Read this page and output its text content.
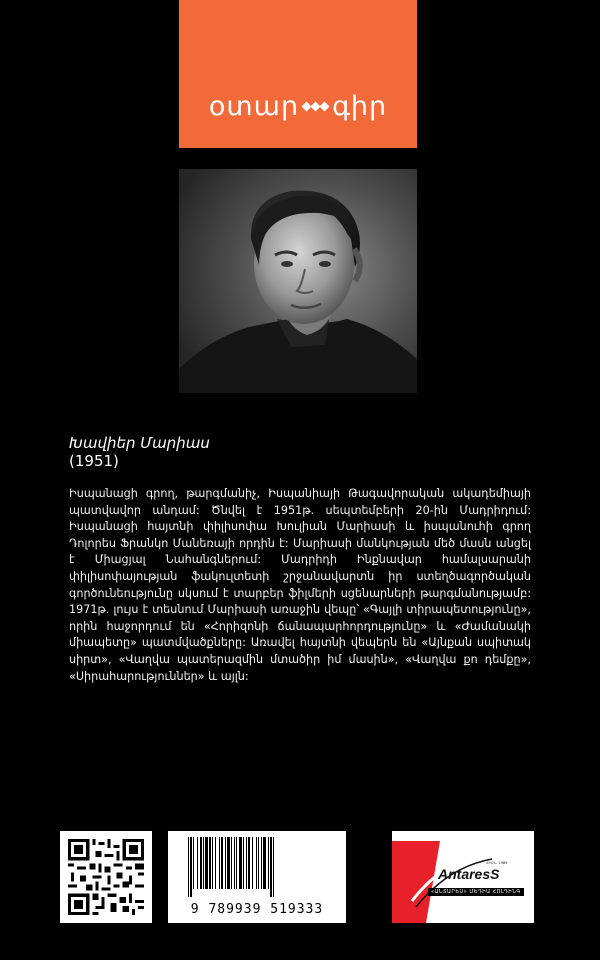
օտար գիր
Խավիեր Մարիաս
(1951)
Իսպանացի գրող, թարգմանիչ, Իսպանիայի Թագավորական ակադեմիայի պատվավոր անդամ: Ծնվել է 1951թ. սեպտեմբերի 20-ին Մադրիդում: Իսպանացի հայտնի փիլիսոփա Խուլիան Մարիասի և իսպանուհի գրող Դոլորես Ֆրանկո Մանեռայի որդին է: Մարիասի մանկության մեծ մասն անցել է Միացյալ Նահանգներում: Մադրիդի Ինքնավար համալսարանի փիլիսոփայության ֆակուլտետի շրջանավարտն իր ստեղծագործական գործունեությունը սկսում է տարբեր ֆիլմերի սցենարների թարգմանությամբ: 1971թ. լույս է տեսնում Մարիասի առաջին վեպը՝ «Գայլի տիրապետությունը», որին հաջորդում են «Հորիզոնի ճանապարհորդությունը» և «Ժամանակի միապետը» պատմվածքները: Առավել հայտնի վեպերն են «Այնքան սպիտակ սիրտ», «Վաղվա պատերազմին մտածիր իմ մասին», «Վաղվա քո դեմքը», «Սիրահարություններ» և այլն:
9 789939 519333
AntaresS
ՀԻՄՆ. 1989
«ԱՆՏԱՐԵՍ» ՄԵԴԻԱ ՀՈԼԴԻՆԳ
